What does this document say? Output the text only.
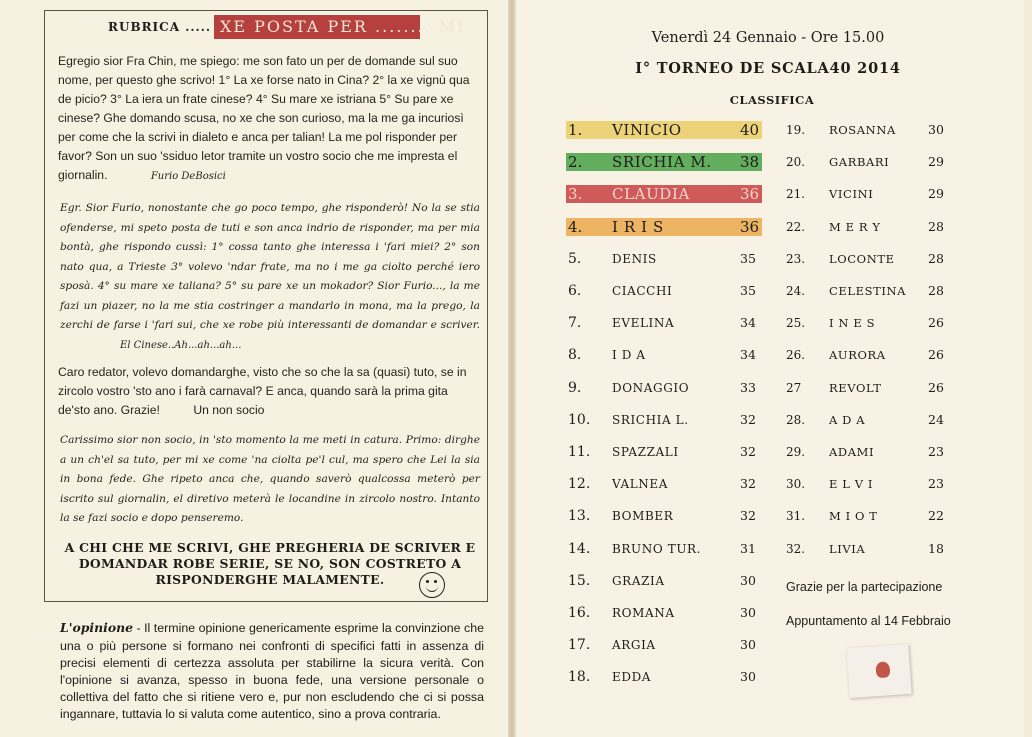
RUBRICA ..... XE POSTA PER ........ MI

Egregio sior Fra Chin, me spiego: me son fato un per de domande sul suo nome, per questo ghe scrivo! 1° La xe forse nato in Cina? 2° la xe vignù qua de picio? 3° La iera un frate cinese? 4° Su mare xe istriana 5° Su pare xe cinese? Ghe domando scusa, no xe che son curioso, ma la me ga incuriosì per come che la scrivi in dialeto e anca per talian! La me pol risponder per favor? Son un suo 'ssiduo letor tramite un vostro socio che me impresta el giornalin.	Furio DeBosici

Egr. Sior Furio, nonostante che go poco tempo, ghe risponderò! No la se stia ofenderse, mi speto posta de tuti e son anca indrio de risponder, ma per mia bontà, ghe rispondo cussì: 1° cossa tanto ghe interessa i 'fari miei? 2° son nato qua, a Trieste 3° volevo 'ndar frate, ma no i me ga ciolto perché iero sposà. 4° su mare xe taliana? 5° su pare xe un mokador? Sior Furio..., la me fazi un piazer, no la me stia costringer a mandarlo in mona, ma la prego, la zerchi de farse i 'fari sui, che xe robe più interessanti de domandar e scriver. El Cinese..Ah...ah...ah...

Caro redator, volevo domandarghe, visto che so che la sa (quasi) tuto, se in zircolo vostro 'sto ano i farà carnaval? E anca, quando sarà la prima gita de'sto ano. Grazie!	Un non socio

Carissimo sior non socio, in 'sto momento la me meti in catura. Primo: dirghe a un ch'el sa tuto, per mi xe come 'na ciolta pe'l cul, ma spero che Lei la sia in bona fede. Ghe ripeto anca che, quando saverò qualcossa meterò per iscrito sul giornalin, el diretivo meterà le locandine in zircolo nostro. Intanto la se fazi socio e dopo penseremo.

A CHI CHE ME SCRIVI, GHE PREGHERIA DE SCRIVER E DOMANDAR ROBE SERIE, SE NO, SON COSTRETO A RISPONDERGHE MALAMENTE.

L'opinione - Il termine opinione genericamente esprime la convinzione che una o più persone si formano nei confronti di specifici fatti in assenza di precisi elementi di certezza assoluta per stabilirne la sicura verità. Con l'opinione si avanza, spesso in buona fede, una versione personale o collettiva del fatto che si ritiene vero e, pur non escludendo che ci si possa ingannare, tuttavia lo si valuta come autentico, sino a prova contraria.

Venerdì 24 Gennaio - Ore 15.00
I° TORNEO DE SCALA40 2014
CLASSIFICA
1. VINICIO	40
2. SRICHIA M. 38
3. CLAUDIA	36
4. I R I S	36
5.	DENIS	35
6.	CIACCHI	35
7.	EVELINA	34
8.	I D A	34
9.	DONAGGIO	33
10. SRICHIA L.	32
11. SPAZZALI	32
12. VALNEA	32
13. BOMBER	32
14. BRUNO TUR.	31
15. GRAZIA	30
16. ROMANA	30
17. ARGIA	30
18. EDDA	30
19. ROSANNA	30
20. GARBARI	29
21. VICINI	29
22. M E R Y	28
23. LOCONTE	28
24. CELESTINA 28
25. I N E S	26
26. AURORA	26
27 REVOLT	26
28. A D A	24
29. ADAMI	23
30. E L V I	23
31. M I O T	22
32. LIVIA	18
Grazie per la partecipazione
Appuntamento al 14 Febbraio
